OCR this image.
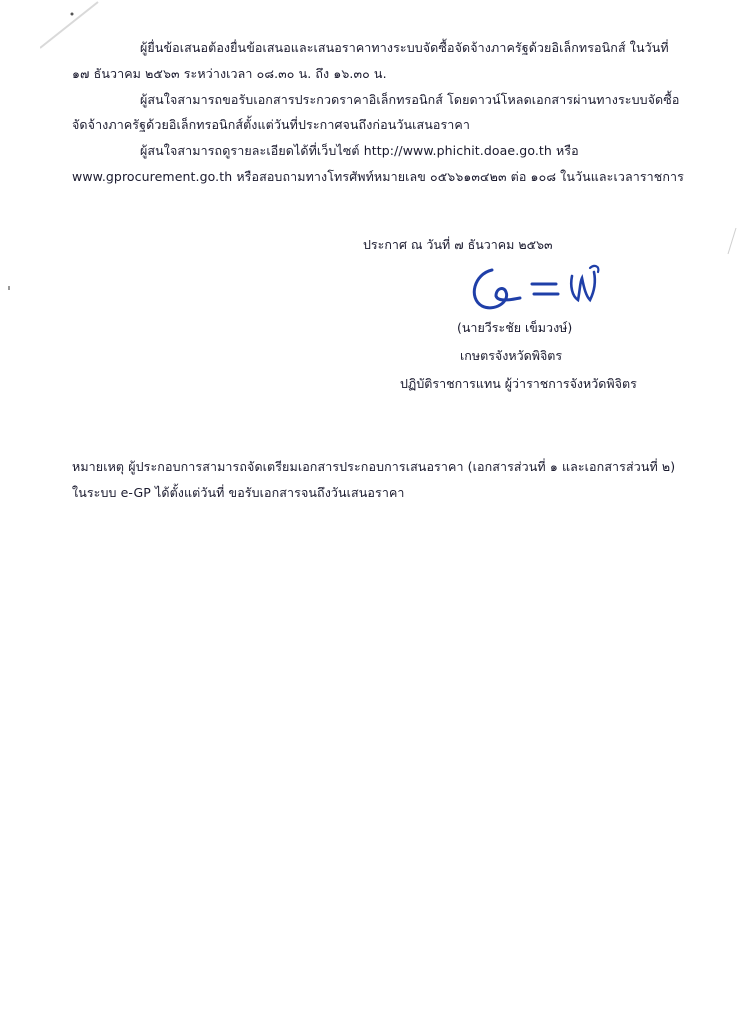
ผู้ยื่นข้อเสนอต้องยื่นข้อเสนอและเสนอราคาทางระบบจัดซื้อจัดจ้างภาครัฐด้วยอิเล็กทรอนิกส์ ในวันที่
๑๗ ธันวาคม ๒๕๖๓ ระหว่างเวลา ๐๘.๓๐ น. ถึง ๑๖.๓๐ น.
ผู้สนใจสามารถขอรับเอกสารประกวดราคาอิเล็กทรอนิกส์ โดยดาวน์โหลดเอกสารผ่านทางระบบจัดซื้อ
จัดจ้างภาครัฐด้วยอิเล็กทรอนิกส์ตั้งแต่วันที่ประกาศจนถึงก่อนวันเสนอราคา
ผู้สนใจสามารถดูรายละเอียดได้ที่เว็บไซต์ http://www.phichit.doae.go.th หรือ
www.gprocurement.go.th หรือสอบถามทางโทรศัพท์หมายเลข ๐๕๖๖๑๓๔๒๓ ต่อ ๑๐๘ ในวันและเวลาราชการ
ประกาศ ณ วันที่ ๗ ธันวาคม ๒๕๖๓
(นายวีระชัย เข็มวงษ์)
เกษตรจังหวัดพิจิตร
ปฏิบัติราชการแทน ผู้ว่าราชการจังหวัดพิจิตร
หมายเหตุ ผู้ประกอบการสามารถจัดเตรียมเอกสารประกอบการเสนอราคา (เอกสารส่วนที่ ๑ และเอกสารส่วนที่ ๒)
ในระบบ e-GP ได้ตั้งแต่วันที่ ขอรับเอกสารจนถึงวันเสนอราคา
